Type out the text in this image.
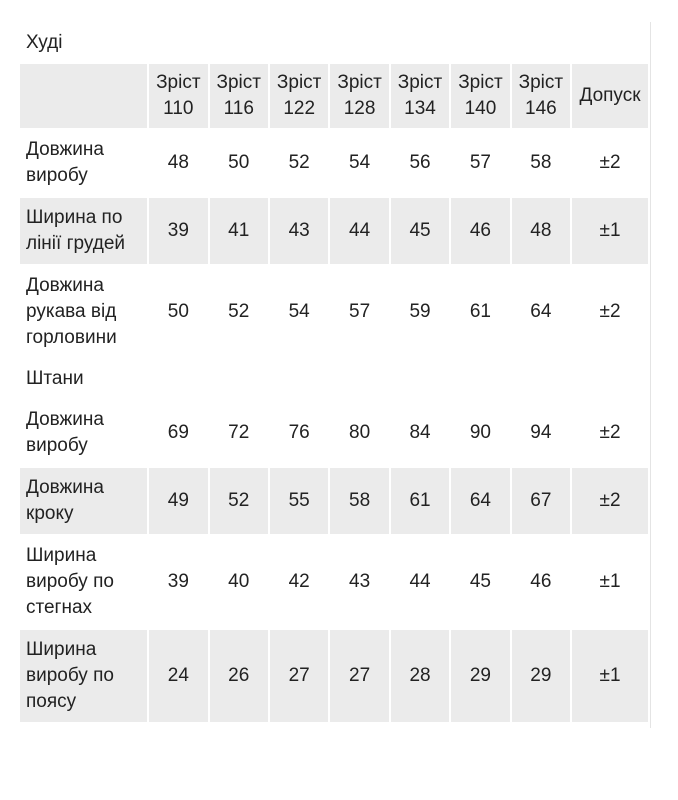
Худі								
	Зріст 110	Зріст 116	Зріст 122	Зріст 128	Зріст 134	Зріст 140	Зріст 146	Допуск
Довжина виробу	48	50	52	54	56	57	58	±2
Ширина по лінії грудей	39	41	43	44	45	46	48	±1
Довжина рукава від горловини	50	52	54	57	59	61	64	±2
Штани								
Довжина виробу	69	72	76	80	84	90	94	±2
Довжина кроку	49	52	55	58	61	64	67	±2
Ширина виробу по стегнах	39	40	42	43	44	45	46	±1
Ширина виробу по поясу	24	26	27	27	28	29	29	±1
